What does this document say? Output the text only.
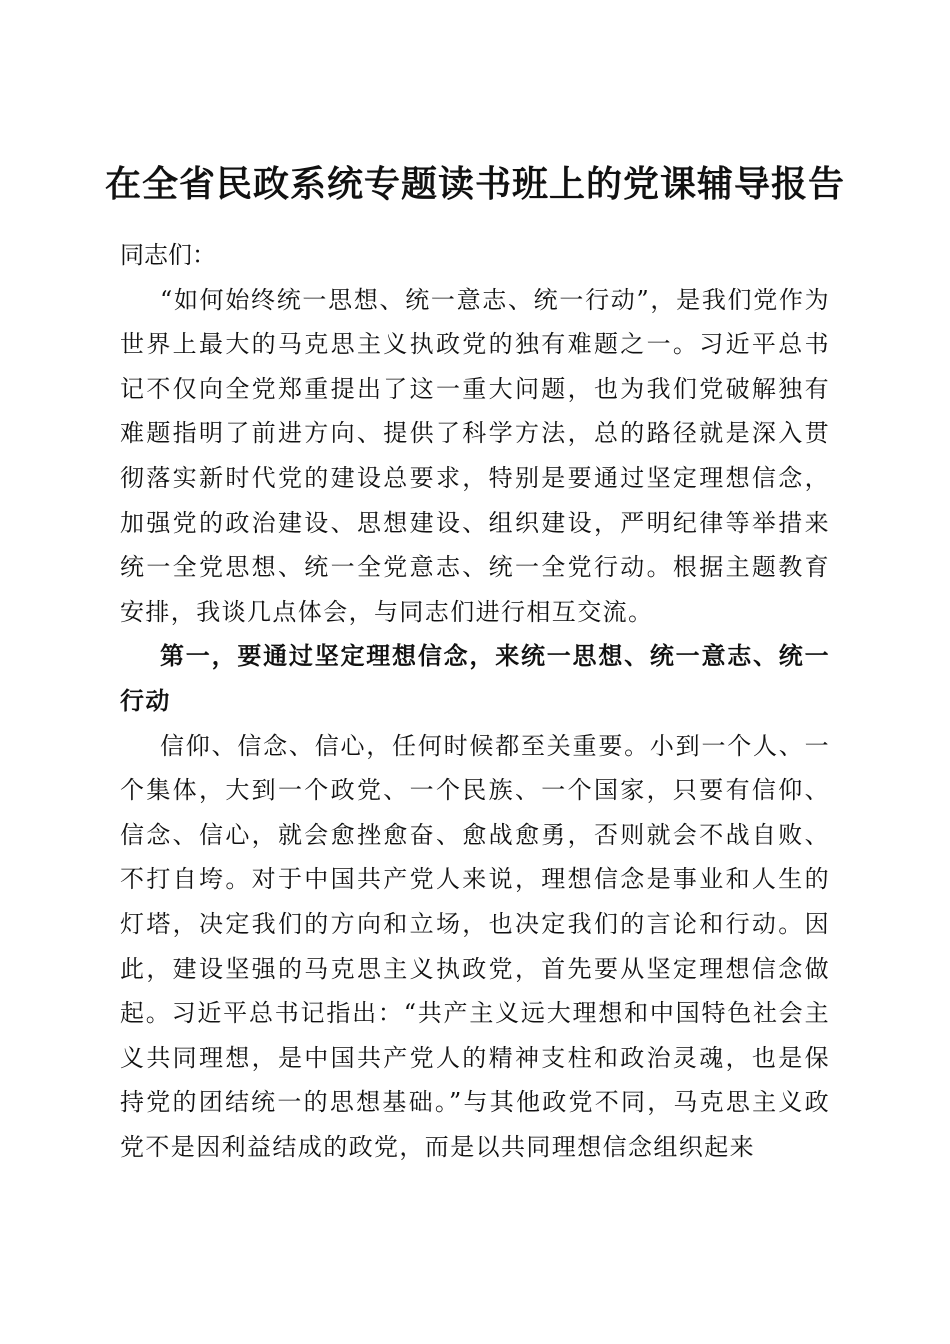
在全省民政系统专题读书班上的党课辅导报告

同志们：

“如何始终统一思想、统一意志、统一行动”，是我们党作为世界上最大的马克思主义执政党的独有难题之一。习近平总书记不仅向全党郑重提出了这一重大问题，也为我们党破解独有难题指明了前进方向、提供了科学方法，总的路径就是深入贯彻落实新时代党的建设总要求，特别是要通过坚定理想信念，加强党的政治建设、思想建设、组织建设，严明纪律等举措来统一全党思想、统一全党意志、统一全党行动。根据主题教育安排，我谈几点体会，与同志们进行相互交流。

第一，要通过坚定理想信念，来统一思想、统一意志、统一行动

信仰、信念、信心，任何时候都至关重要。小到一个人、一个集体，大到一个政党、一个民族、一个国家，只要有信仰、信念、信心，就会愈挫愈奋、愈战愈勇，否则就会不战自败、不打自垮。对于中国共产党人来说，理想信念是事业和人生的灯塔，决定我们的方向和立场，也决定我们的言论和行动。因此，建设坚强的马克思主义执政党，首先要从坚定理想信念做起。习近平总书记指出：“共产主义远大理想和中国特色社会主义共同理想，是中国共产党人的精神支柱和政治灵魂，也是保持党的团结统一的思想基础。”与其他政党不同，马克思主义政党不是因利益结成的政党，而是以共同理想信念组织起来
